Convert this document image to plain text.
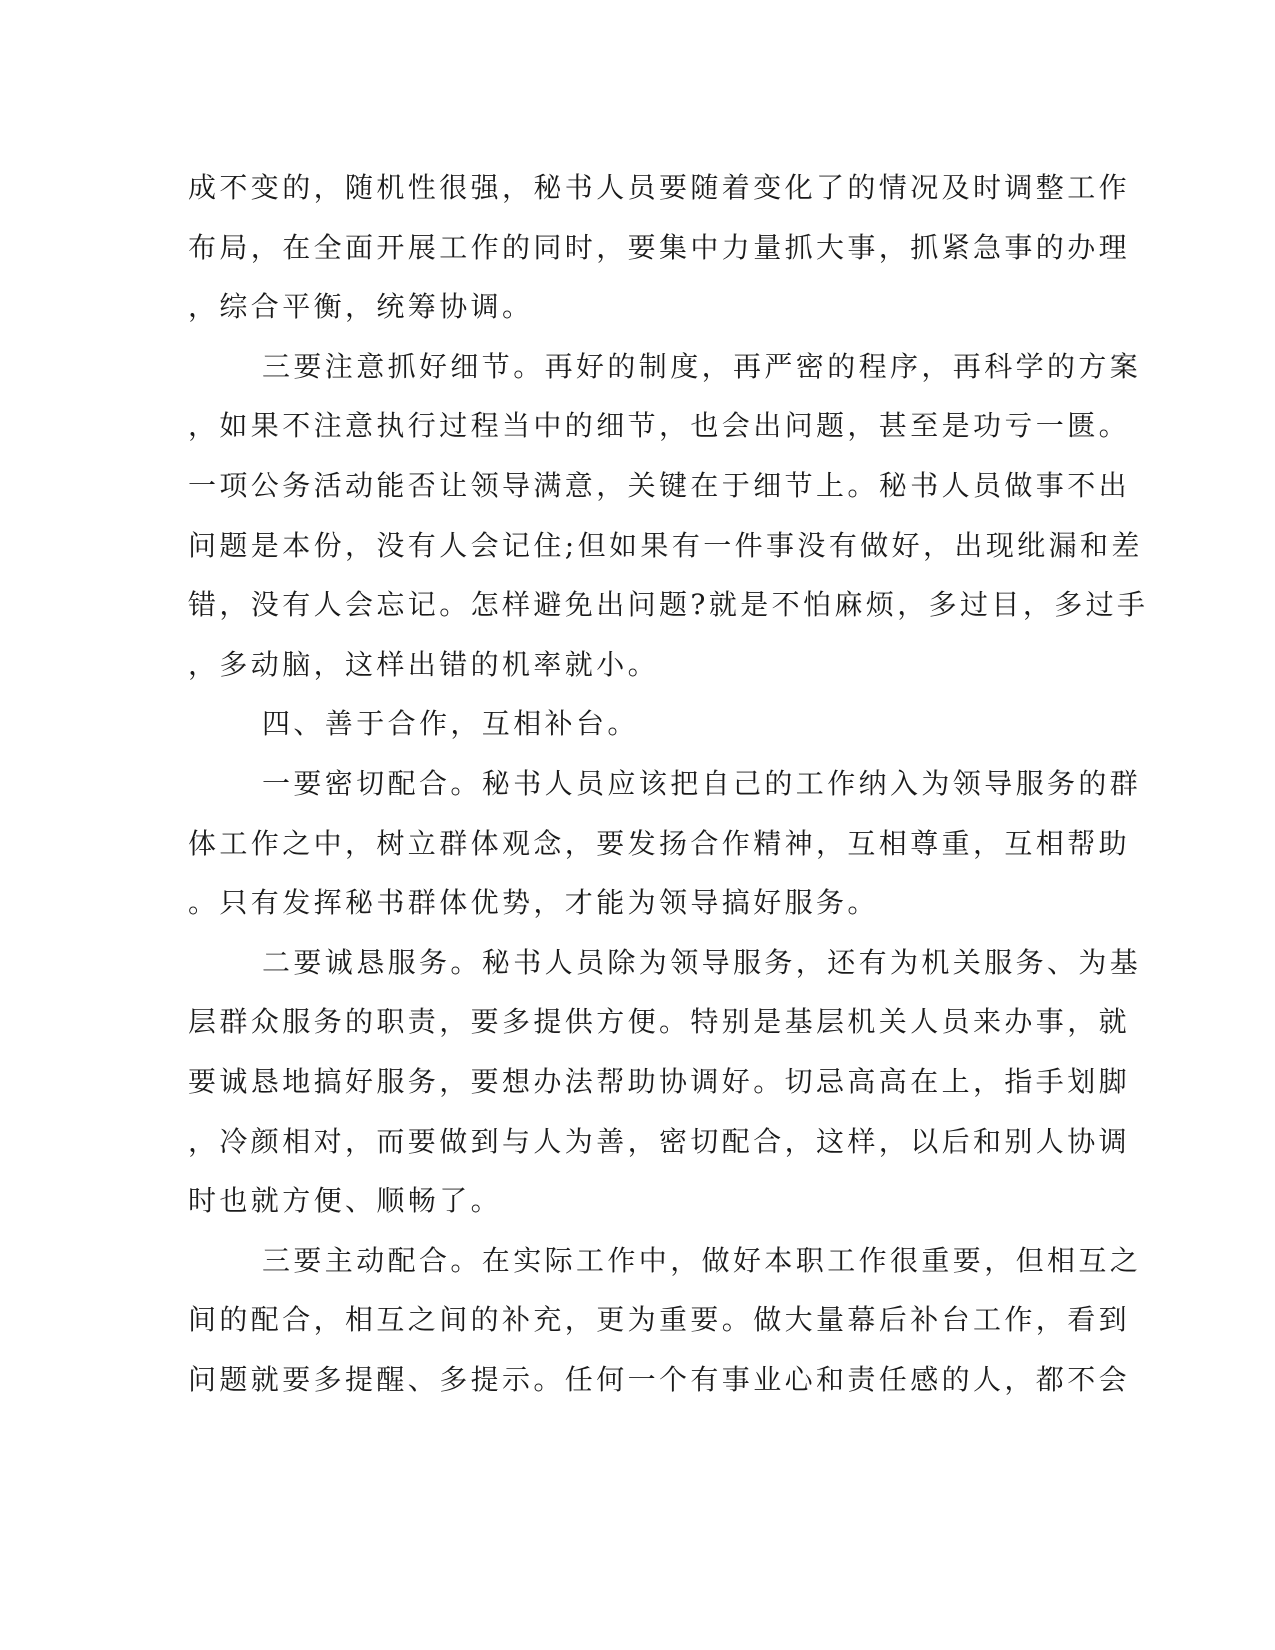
成不变的，随机性很强，秘书人员要随着变化了的情况及时调整工作
布局，在全面开展工作的同时，要集中力量抓大事，抓紧急事的办理
，综合平衡，统筹协调。
三要注意抓好细节。再好的制度，再严密的程序，再科学的方案
，如果不注意执行过程当中的细节，也会出问题，甚至是功亏一匮。
一项公务活动能否让领导满意，关键在于细节上。秘书人员做事不出
问题是本份，没有人会记住;但如果有一件事没有做好，出现纰漏和差
错，没有人会忘记。怎样避免出问题?就是不怕麻烦，多过目，多过手
，多动脑，这样出错的机率就小。
四、善于合作，互相补台。
一要密切配合。秘书人员应该把自己的工作纳入为领导服务的群
体工作之中，树立群体观念，要发扬合作精神，互相尊重，互相帮助
。只有发挥秘书群体优势，才能为领导搞好服务。
二要诚恳服务。秘书人员除为领导服务，还有为机关服务、为基
层群众服务的职责，要多提供方便。特别是基层机关人员来办事，就
要诚恳地搞好服务，要想办法帮助协调好。切忌高高在上，指手划脚
，冷颜相对，而要做到与人为善，密切配合，这样，以后和别人协调
时也就方便、顺畅了。
三要主动配合。在实际工作中，做好本职工作很重要，但相互之
间的配合，相互之间的补充，更为重要。做大量幕后补台工作，看到
问题就要多提醒、多提示。任何一个有事业心和责任感的人，都不会
